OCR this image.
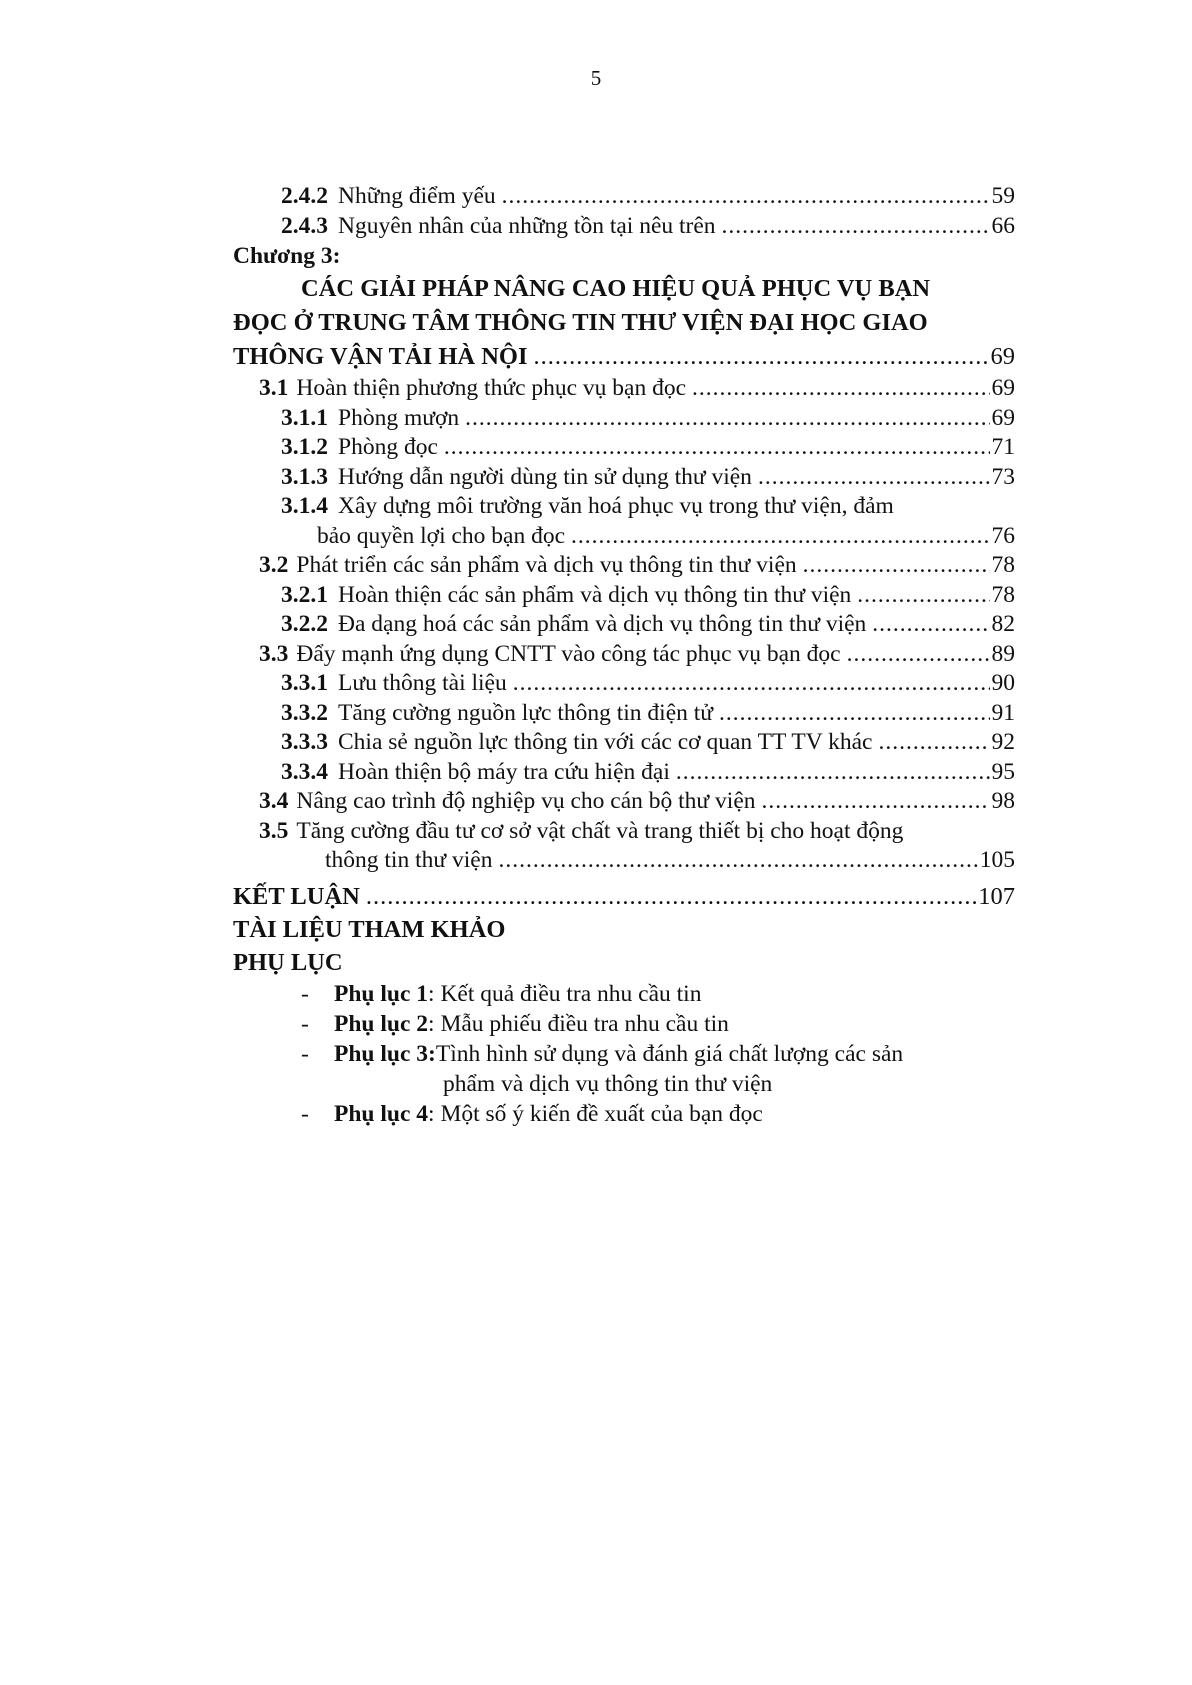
5
2.4.2 Những điểm yếu .....	59
2.4.3 Nguyên nhân của những tồn tại nêu trên .....	66
Chương 3:
CÁC GIẢI PHÁP NÂNG CAO HIỆU QUẢ PHỤC VỤ BẠN
ĐỌC Ở TRUNG TÂM THÔNG TIN THƯ VIỆN ĐẠI HỌC GIAO
THÔNG VẬN TẢI HÀ NỘI .....	69
3.1 Hoàn thiện phương thức phục vụ bạn đọc .....	69
3.1.1 Phòng mượn .....	69
3.1.2 Phòng đọc .....	71
3.1.3 Hướng dẫn người dùng tin sử dụng thư viện .....	73
3.1.4 Xây dựng môi trường văn hoá phục vụ trong thư viện, đảm
bảo quyền lợi cho bạn đọc .....	76
3.2 Phát triển các sản phẩm và dịch vụ thông tin thư viện .....	78
3.2.1 Hoàn thiện các sản phẩm và dịch vụ thông tin thư viện .....	78
3.2.2 Đa dạng hoá các sản phẩm và dịch vụ thông tin thư viện .....	82
3.3 Đẩy mạnh ứng dụng CNTT vào công tác phục vụ bạn đọc .....	89
3.3.1 Lưu thông tài liệu .....	90
3.3.2 Tăng cường nguồn lực thông tin điện tử .....	91
3.3.3 Chia sẻ nguồn lực thông tin với các cơ quan TT TV khác .....	92
3.3.4 Hoàn thiện bộ máy tra cứu hiện đại .....	95
3.4 Nâng cao trình độ nghiệp vụ cho cán bộ thư viện .....	98
3.5 Tăng cường đầu tư cơ sở vật chất và trang thiết bị cho hoạt động
thông tin thư viện .....	105
KẾT LUẬN .....	107
TÀI LIỆU THAM KHẢO
PHỤ LỤC
-	Phụ lục 1: Kết quả điều tra nhu cầu tin
-	Phụ lục 2: Mẫu phiếu điều tra nhu cầu tin
-	Phụ lục 3:Tình hình sử dụng và đánh giá chất lượng các sản
phẩm và dịch vụ thông tin thư viện
-	Phụ lục 4: Một số ý kiến đề xuất của bạn đọc
